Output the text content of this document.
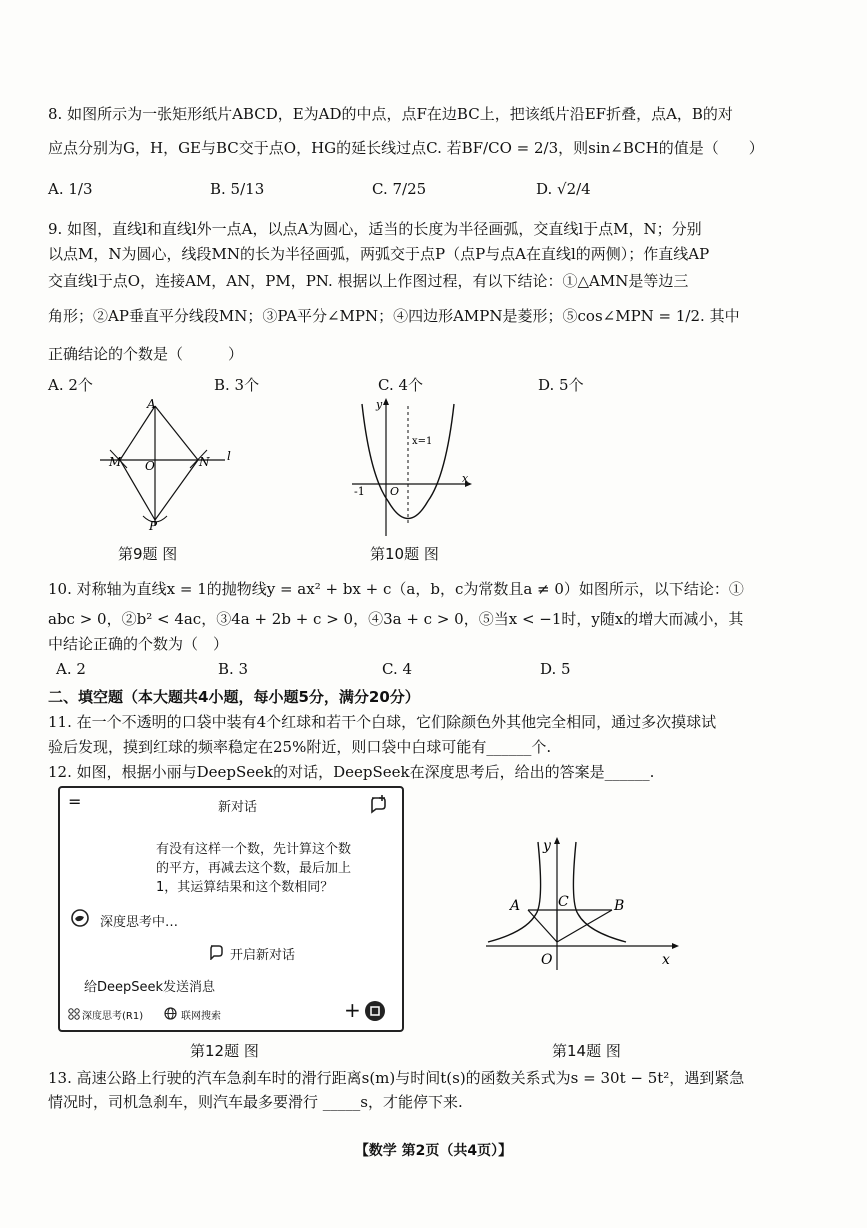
8. 如图所示为一张矩形纸片ABCD，E为AD的中点，点F在边BC上，把该纸片沿EF折叠，点A，B的对
应点分别为G，H，GE与BC交于点O，HG的延长线过点C. 若BF/CO = 2/3，则sin∠BCH的值是（　　）
A. 1/3	B. 5/13	C. 7/25	D. √2/4
9. 如图，直线l和直线l外一点A，以点A为圆心，适当的长度为半径画弧，交直线l于点M，N；分别
以点M，N为圆心，线段MN的长为半径画弧，两弧交于点P（点P与点A在直线l的两侧）；作直线AP
交直线l于点O，连接AM，AN，PM，PN. 根据以上作图过程，有以下结论：①△AMN是等边三
角形；②AP垂直平分线段MN；③PA平分∠MPN；④四边形AMPN是菱形；⑤cos∠MPN = 1/2. 其中
正确结论的个数是（　　　）
A. 2个	B. 3个	C. 4个	D. 5个
A
M O	N
P
l
第9题 图
y
x
x=1
-1 O
第10题 图
10. 对称轴为直线x = 1的抛物线y = ax² + bx + c（a，b，c为常数且a ≠ 0）如图所示，以下结论：①
abc > 0，②b² < 4ac，③4a + 2b + c > 0，④3a + c > 0，⑤当x < −1时，y随x的增大而减小，其
中结论正确的个数为（　）
A. 2	B. 3	C. 4	D. 5
二、填空题（本大题共4小题，每小题5分，满分20分）
11. 在一个不透明的口袋中装有4个红球和若干个白球，它们除颜色外其他完全相同，通过多次摸球试
验后发现，摸到红球的频率稳定在25%附近，则口袋中白球可能有______个.
12. 如图，根据小丽与DeepSeek的对话，DeepSeek在深度思考后，给出的答案是______.
=	新对话
有没有这样一个数，先计算这个数
的平方，再减去这个数，最后加上
1，其运算结果和这个数相同？
深度思考中…
开启新对话
给DeepSeek发送消息
深度思考(R1)	联网搜索	+
第12题 图
y
x
A	C	B
O
第14题 图
13. 高速公路上行驶的汽车急刹车时的滑行距离s(m)与时间t(s)的函数关系式为s = 30t − 5t²，遇到紧急
情况时，司机急刹车，则汽车最多要滑行 _____s，才能停下来.
【数学 第2页（共4页）】
